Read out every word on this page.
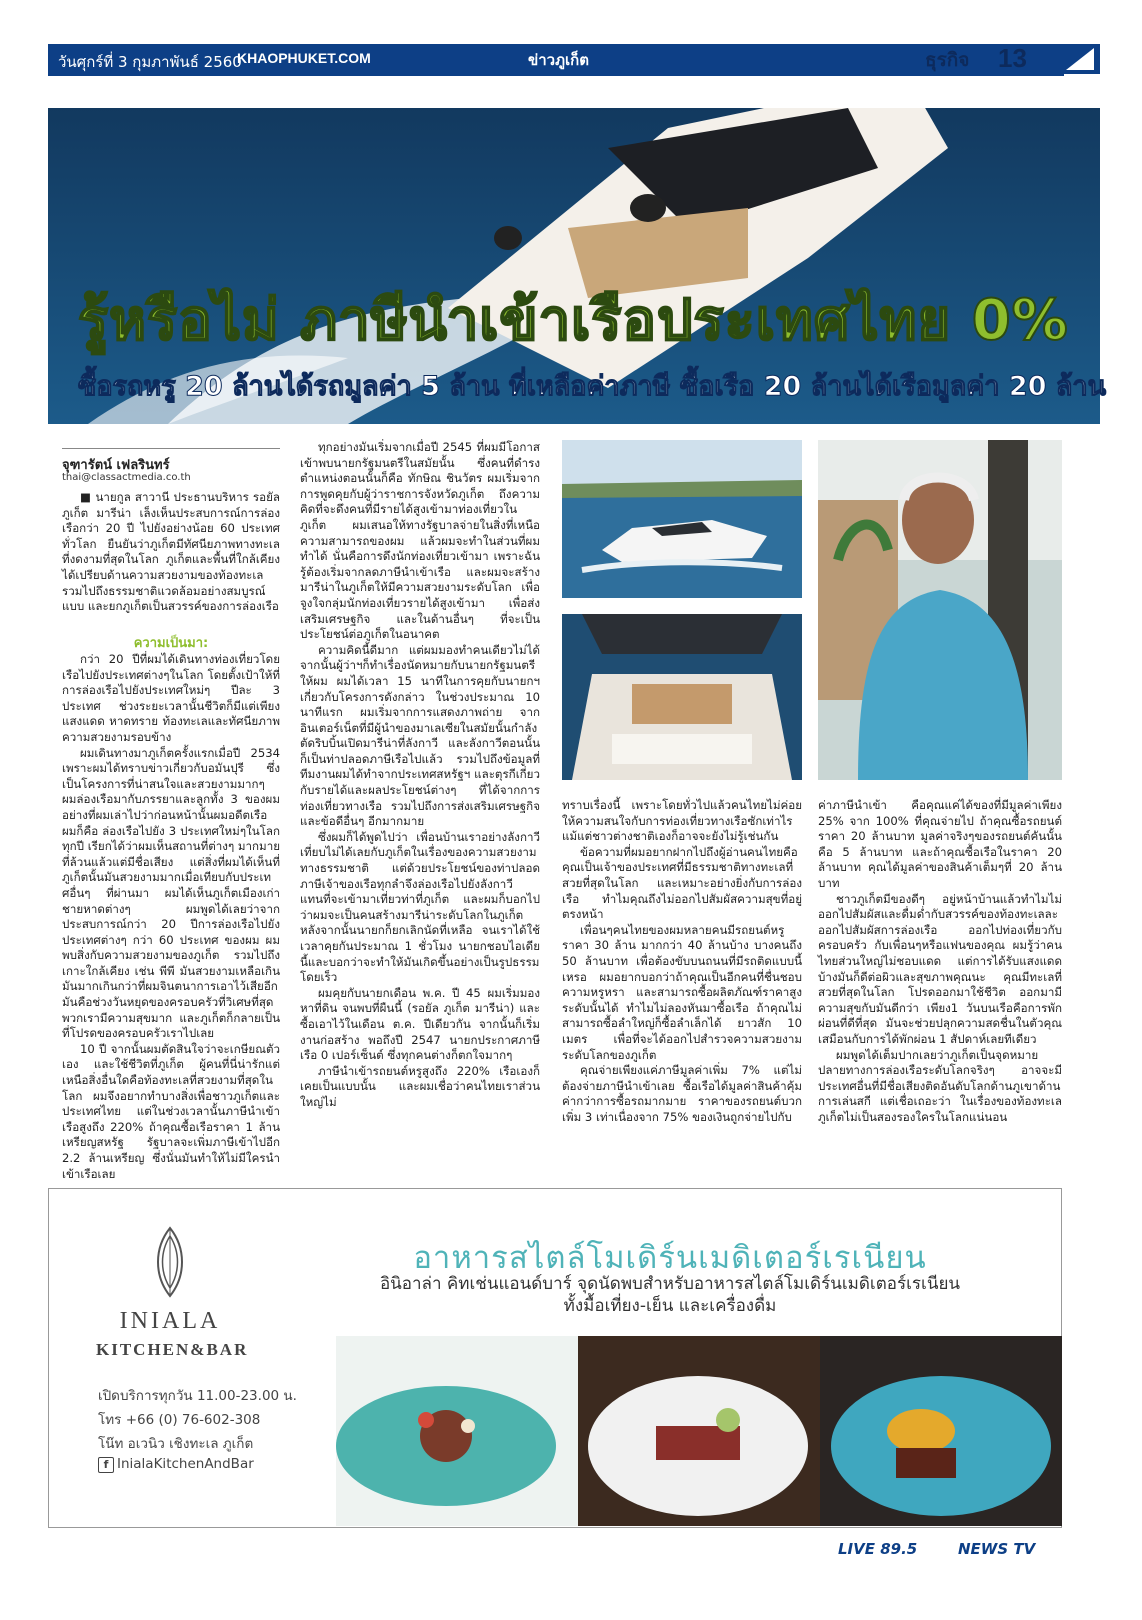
วันศุกร์ที่ 3 กุมภาพันธ์ 2560
KHAOPHUKET.COM	ข่าวภูเก็ต	ธุรกิจ 13
รู้หรือไม่ ภาษีนำเข้าเรือประเทศไทย 0%
ซื้อรถหรู 20 ล้านได้รถมูลค่า 5 ล้าน ที่เหลือค่าภาษี ซื้อเรือ 20 ล้านได้เรือมูลค่า 20 ล้าน
จุฑารัตน์ เฟลรินทร์
thai@classactmedia.co.th

■ นายกูล สาวานี ประธานบริหาร รอยัล ภูเก็ต มารีน่า เล็งเห็นประสบการณ์การล่องเรือกว่า 20 ปี ไปยังอย่างน้อย 60 ประเทศทั่วโลก ยืนยันว่าภูเก็ตมีทัศนียภาพทางทะเลที่งดงามที่สุดในโลก ภูเก็ตและพื้นที่ใกล้เคียง ได้เปรียบด้านความสวยงามของท้องทะเล รวมไปถึงธรรมชาติแวดล้อมอย่างสมบูรณ์แบบ และยกภูเก็ตเป็นสวรรค์ของการล่องเรือ

ความเป็นมา:

กว่า 20 ปีที่ผมได้เดินทางท่องเที่ยวโดยเรือไปยังประเทศต่างๆในโลก โดยตั้งเป้าให้ที่การล่องเรือไปยังประเทศใหม่ๆ ปีละ 3 ประเทศ ช่วงระยะเวลานั้นชีวิตก็มีแต่เพียงแสงแดด หาดทราย ท้องทะเลและทัศนียภาพความสวยงามรอบข้าง

ผมเดินทางมาภูเก็ตครั้งแรกเมื่อปี 2534 เพราะผมได้ทราบข่าวเกี่ยวกับอมันปุรี ซึ่งเป็นโครงการที่น่าสนใจและสวยงามมากๆ ผมล่องเรือมากับภรรยาและลูกทั้ง 3 ของผม อย่างที่ผมเล่าไปว่าก่อนหน้านั้นผมอดีตเรือผมก็คือ ล่องเรือไปยัง 3 ประเทศใหม่ๆในโลกทุกปี เรียกได้ว่าผมเห็นสถานที่ต่างๆ มากมายที่ล้วนแล้วแต่มีชื่อเสียง แต่สิ่งที่ผมได้เห็นที่ภูเก็ตนั้นมันสวยงามมากเมื่อเทียบกับประเทศอื่นๆ ที่ผ่านมา ผมได้เห็นภูเก็ตเมืองเก่า ชายหาดต่างๆ ผมพูดได้เลยว่าจากประสบการณ์กว่า 20 ปีการล่องเรือไปยังประเทศต่างๆ กว่า 60 ประเทศ ของผม ผมพบสิ่งกับความสวยงามของภูเก็ต รวมไปถึงเกาะใกล้เคียง เช่น พีพี มันสวยงามเหลือเกิน มันมากเกินกว่าที่ผมจินตนาการเอาไว้เสียอีก มันคือช่วงวันหยุดของครอบครัวที่วิเศษที่สุด พวกเรามีความสุขมาก และภูเก็ตก็กลายเป็น ที่โปรดของครอบครัวเราไปเลย

10 ปี จากนั้นผมตัดสินใจว่าจะเกษียณตัวเอง และใช้ชีวิตที่ภูเก็ต ผู้คนที่นี่น่ารักแต่เหนือสิ่งอื่นใดคือท้องทะเลที่สวยงามที่สุดในโลก ผมจึงอยากทำบางสิ่งเพื่อชาวภูเก็ตและประเทศไทย แต่ในช่วงเวลานั้นภาษีนำเข้าเรือสูงถึง 220% ถ้าคุณซื้อเรือราคา 1 ล้านเหรียญสหรัฐ รัฐบาลจะเพิ่มภาษีเข้าไปอีก 2.2 ล้านเหรียญ ซึ่งนั่นมันทำให้ไม่มีใครนำเข้าเรือเลย

ทุกอย่างมันเริ่มจากเมื่อปี 2545 ที่ผมมีโอกาสเข้าพบนายกรัฐมนตรีในสมัยนั้น ซึ่งคนที่ดำรงตำแหน่งตอนนั้นก็คือ ทักษิณ ชินวัตร ผมเริ่มจากการพูดคุยกับผู้ว่าราชการจังหวัดภูเก็ต ถึงความคิดที่จะดึงคนที่มีรายได้สูงเข้ามาท่องเที่ยวในภูเก็ต ผมเสนอให้ทางรัฐบาลจ่ายในสิ่งที่เหนือความสามารถของผม แล้วผมจะทำในส่วนที่ผมทำได้ นั่นคือการดึงนักท่องเที่ยวเข้ามา เพราะฉันรู้ต้องเริ่มจากลดภาษีนำเข้าเรือ และผมจะสร้างมารีน่าในภูเก็ตให้มีความสวยงามระดับโลก เพื่อจูงใจกลุ่มนักท่องเที่ยวรายได้สูงเข้ามา เพื่อส่งเสริมเศรษฐกิจ และในด้านอื่นๆ ที่จะเป็นประโยชน์ต่อภูเก็ตในอนาคต

ความคิดนี้ดีมาก แต่ผมมองทำคนเดียวไม่ได้ จากนั้นผู้ว่าฯก็ทำเรื่องนัดหมายกับนายกรัฐมนตรีให้ผม ผมได้เวลา 15 นาทีในการคุยกับนายกฯ เกี่ยวกับโครงการดังกล่าว ในช่วงประมาณ 10 นาทีแรก ผมเริ่มจากการแสดงภาพถ่าย จากอินเตอร์เน็ตที่มีผู้นำของมาเลเซียในสมัยนั้นกำลังตัดริบบิ้นเปิดมารีน่าที่ลังกาวี และลังกาวีตอนนั้นก็เป็นท่าปลอดภาษีเรือไปแล้ว รวมไปถึงข้อมูลที่ทีมงานผมได้ทำจากประเทศสหรัฐฯ และตุรกีเกี่ยวกับรายได้และผลประโยชน์ต่างๆ ที่ได้จากการท่องเที่ยวทางเรือ รวมไปถึงการส่งเสริมเศรษฐกิจและข้อดีอื่นๆ อีกมากมาย

ซึ่งผมก็ได้พูดไปว่า เพื่อนบ้านเราอย่างลังกาวีเที่ยบไม่ได้เลยกับภูเก็ตในเรื่องของความสวยงามทางธรรมชาติ แต่ด้วยประโยชน์ของท่าปลอดภาษีเจ้าของเรือทุกลำจึงล่องเรือไปยังลังกาวีแทนที่จะเข้ามาเที่ยวท่าที่ภูเก็ต และผมก็บอกไปว่าผมจะเป็นคนสร้างมารีน่าระดับโลกในภูเก็ต หลังจากนั้นนายกก็ยกเลิกนัดที่เหลือ จนเราได้ใช้เวลาคุยกันประมาณ 1 ชั่วโมง นายกชอบไอเดียนี้และบอกว่าจะทำให้มันเกิดขึ้นอย่างเป็นรูปธรรมโดยเร็ว

ผมคุยกับนายกเดือน พ.ค. ปี 45 ผมเริ่มมองหาที่ดิน จนพบที่ผืนนี้ (รอยัล ภูเก็ต มารีน่า) และซื้อเอาไว้ในเดือน ต.ค. ปีเดียวกัน จากนั้นก็เริ่มงานก่อสร้าง พอถึงปี 2547 นายกประกาศภาษีเรือ 0 เปอร์เซ็นต์ ซึ่งทุกคนต่างก็ตกใจมากๆ

ภาษีนำเข้ารถยนต์หรูสูงถึง 220% เรือเองก็เคยเป็นแบบนั้น และผมเชื่อว่าคนไทยเราส่วนใหญ่ไม่

ทราบเรื่องนี้ เพราะโดยทั่วไปแล้วคนไทยไม่ค่อยให้ความสนใจกับการท่องเที่ยวทางเรือซักเท่าไร แม้แต่ชาวต่างชาติเองก็อาจจะยังไม่รู้เช่นกัน

ข้อความที่ผมอยากฝากไปถึงผู้อ่านคนไทยคือ คุณเป็นเจ้าของประเทศที่มีธรรมชาติทางทะเลที่สวยที่สุดในโลก และเหมาะอย่างยิ่งกับการล่องเรือ ทำไมคุณถึงไม่ออกไปสัมผัสความสุขที่อยู่ตรงหน้า

เพื่อนๆคนไทยของผมหลายคนมีรถยนต์หรู ราคา 30 ล้าน มากกว่า 40 ล้านบ้าง บางคนถึง 50 ล้านบาท เพื่อต้องขับบนถนนที่มีรถติดแบบนี้ เหรอ ผมอยากบอกว่าถ้าคุณเป็นอีกคนที่ชื่นชอบความหรูหรา และสามารถซื้อผลิตภัณฑ์ราคาสูงระดับนั้นได้ ทำไมไม่ลองหันมาซื้อเรือ ถ้าคุณไม่สามารถซื้อลำใหญ่ก็ซื้อลำเล็กได้ ยาวสัก 10 เมตร เพื่อที่จะได้ออกไปสำรวจความสวยงามระดับโลกของภูเก็ต

คุณจ่ายเพียงแค่ภาษีมูลค่าเพิ่ม 7% แต่ไม่ต้องจ่ายภาษีนำเข้าเลย ซื้อเรือได้มูลค่าสินค้าคุ้มค่ากว่าการซื้อรถมากมาย ราคาของรถยนต์บวกเพิ่ม 3 เท่าเนื่องจาก 75% ของเงินถูกจ่ายไปกับ

ค่าภาษีนำเข้า คือคุณแค่ได้ของที่มีมูลค่าเพียง 25% จาก 100% ที่คุณจ่ายไป ถ้าคุณซื้อรถยนต์ ราคา 20 ล้านบาท มูลค่าจริงๆของรถยนต์คันนั้น คือ 5 ล้านบาท และถ้าคุณซื้อเรือในราคา 20 ล้านบาท คุณได้มูลค่าของสินค้าเต็มๆที่ 20 ล้านบาท

ชาวภูเก็ตมีของดีๆ อยู่หน้าบ้านแล้วทำไมไม่ออกไปสัมผัสและดื่มด่ำกับสวรรค์ของท้องทะเลละ ออกไปสัมผัสการล่องเรือ ออกไปท่องเที่ยวกับครอบครัว กับเพื่อนๆหรือแฟนของคุณ ผมรู้ว่าคนไทยส่วนใหญ่ไม่ชอบแดด แต่การได้รับแสงแดดบ้างมันก็ดีต่อผิวและสุขภาพคุณนะ คุณมีทะเลที่สวยที่สุดในโลก โปรดออกมาใช้ชีวิต ออกมามีความสุขกับมันดีกว่า เพียง1 วันบนเรือคือการพักผ่อนที่ดีที่สุด มันจะช่วยปลุกความสดชื่นในตัวคุณเสมือนกับการได้พักผ่อน 1 สัปดาห์เลยทีเดียว

ผมพูดได้เต็มปากเลยว่าภูเก็ตเป็นจุดหมายปลายทางการล่องเรือระดับโลกจริงๆ อาจจะมีประเทศอื่นที่มีชื่อเสียงติดอันดับโลกด้านภูเขาด้านการเล่นสกี แต่เชื่อเถอะว่า ในเรื่องของท้องทะเล ภูเก็ตไม่เป็นสองรองใครในโลกแน่นอน

INIALA
KITCHEN&BAR
เปิดบริการทุกวัน 11.00-23.00 น.
โทร +66 (0) 76-602-308
โน๊ท อเวนิว เชิงทะเล ภูเก็ต
f InialaKitchenAndBar
อาหารสไตล์โมเดิร์นเมดิเตอร์เรเนียน
อินิอาล่า คิทเช่นแอนด์บาร์ จุดนัดพบสำหรับอาหารสไตล์โมเดิร์นเมดิเตอร์เรเนียน
ทั้งมื้อเที่ยง-เย็น และเครื่องดื่ม
LIVE 89.5	NEWS TV
